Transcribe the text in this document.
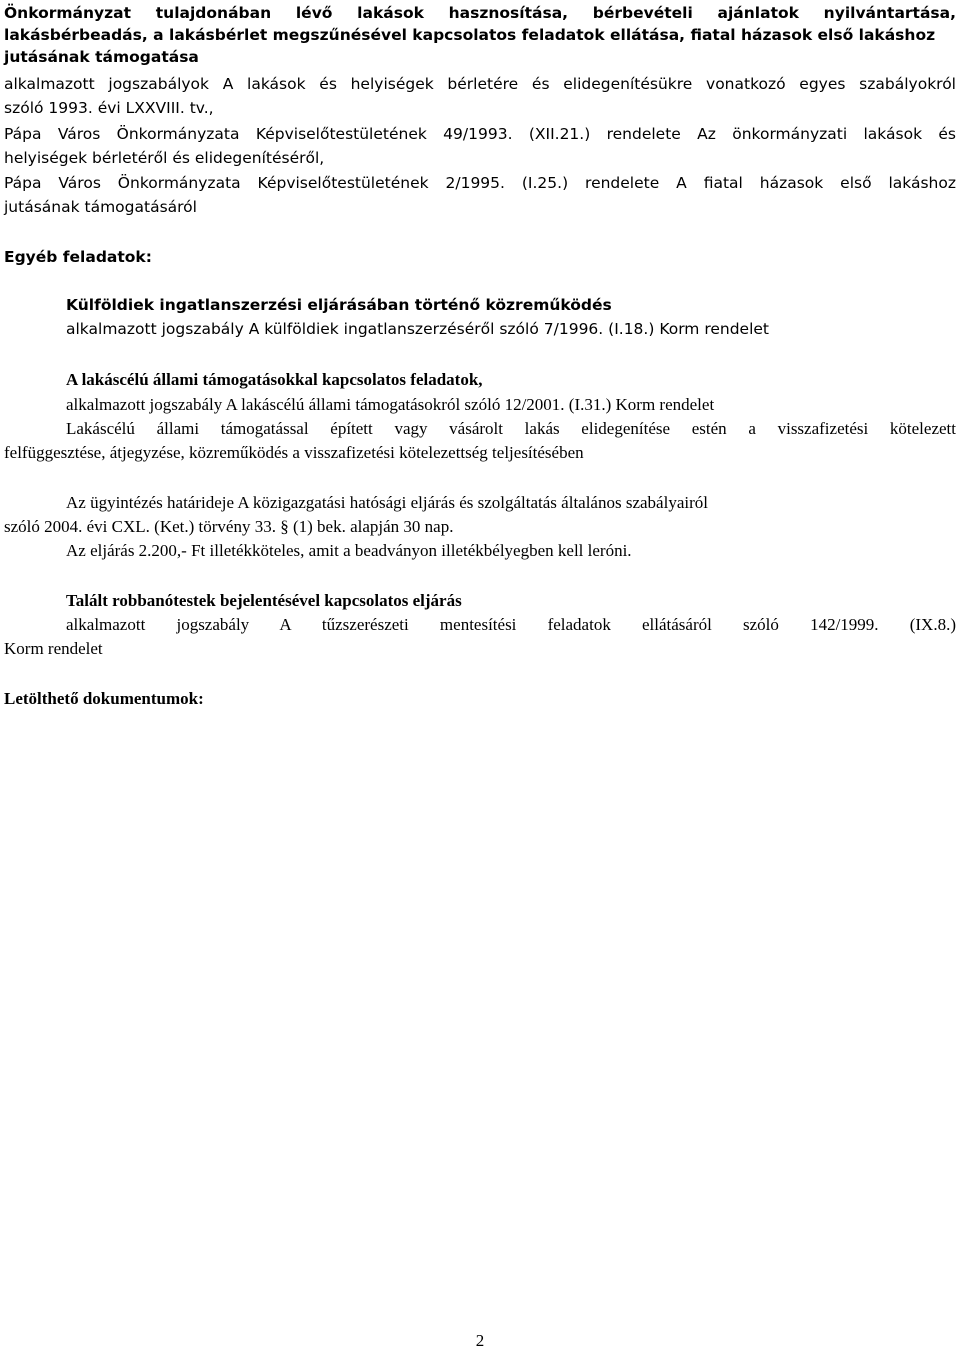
Önkormányzat tulajdonában lévő lakások hasznosítása, bérbevételi ajánlatok nyilvántartása,
lakásbérbeadás, a lakásbérlet megszűnésével kapcsolatos feladatok ellátása, fiatal házasok első lakáshoz
jutásának támogatása
alkalmazott jogszabályok A lakások és helyiségek bérletére és elidegenítésükre vonatkozó egyes szabályokról
szóló 1993. évi LXXVIII. tv.,
Pápa Város Önkormányzata Képviselőtestületének 49/1993. (XII.21.) rendelete Az önkormányzati lakások és
helyiségek bérletéről és elidegenítéséről,
Pápa Város Önkormányzata Képviselőtestületének 2/1995. (I.25.) rendelete A fiatal házasok első lakáshoz
jutásának támogatásáról
Egyéb feladatok:
Külföldiek ingatlanszerzési eljárásában történő közreműködés
alkalmazott jogszabály A külföldiek ingatlanszerzéséről szóló 7/1996. (I.18.) Korm rendelet
A lakáscélú állami támogatásokkal kapcsolatos feladatok,
alkalmazott jogszabály A lakáscélú állami támogatásokról szóló 12/2001. (I.31.) Korm rendelet
Lakáscélú állami támogatással épített vagy vásárolt lakás elidegenítése estén a visszafizetési kötelezett
felfüggesztése, átjegyzése, közreműködés a visszafizetési kötelezettség teljesítésében
Az ügyintézés határideje A közigazgatási hatósági eljárás és szolgáltatás általános szabályairól
szóló 2004. évi CXL. (Ket.) törvény 33. § (1) bek. alapján 30 nap.
Az eljárás 2.200,- Ft illetékköteles, amit a beadványon illetékbélyegben kell leróni.
Talált robbanótestek bejelentésével kapcsolatos eljárás
alkalmazott jogszabály A tűzszerészeti mentesítési feladatok ellátásáról szóló 142/1999. (IX.8.)
Korm rendelet
Letölthető dokumentumok:
2
